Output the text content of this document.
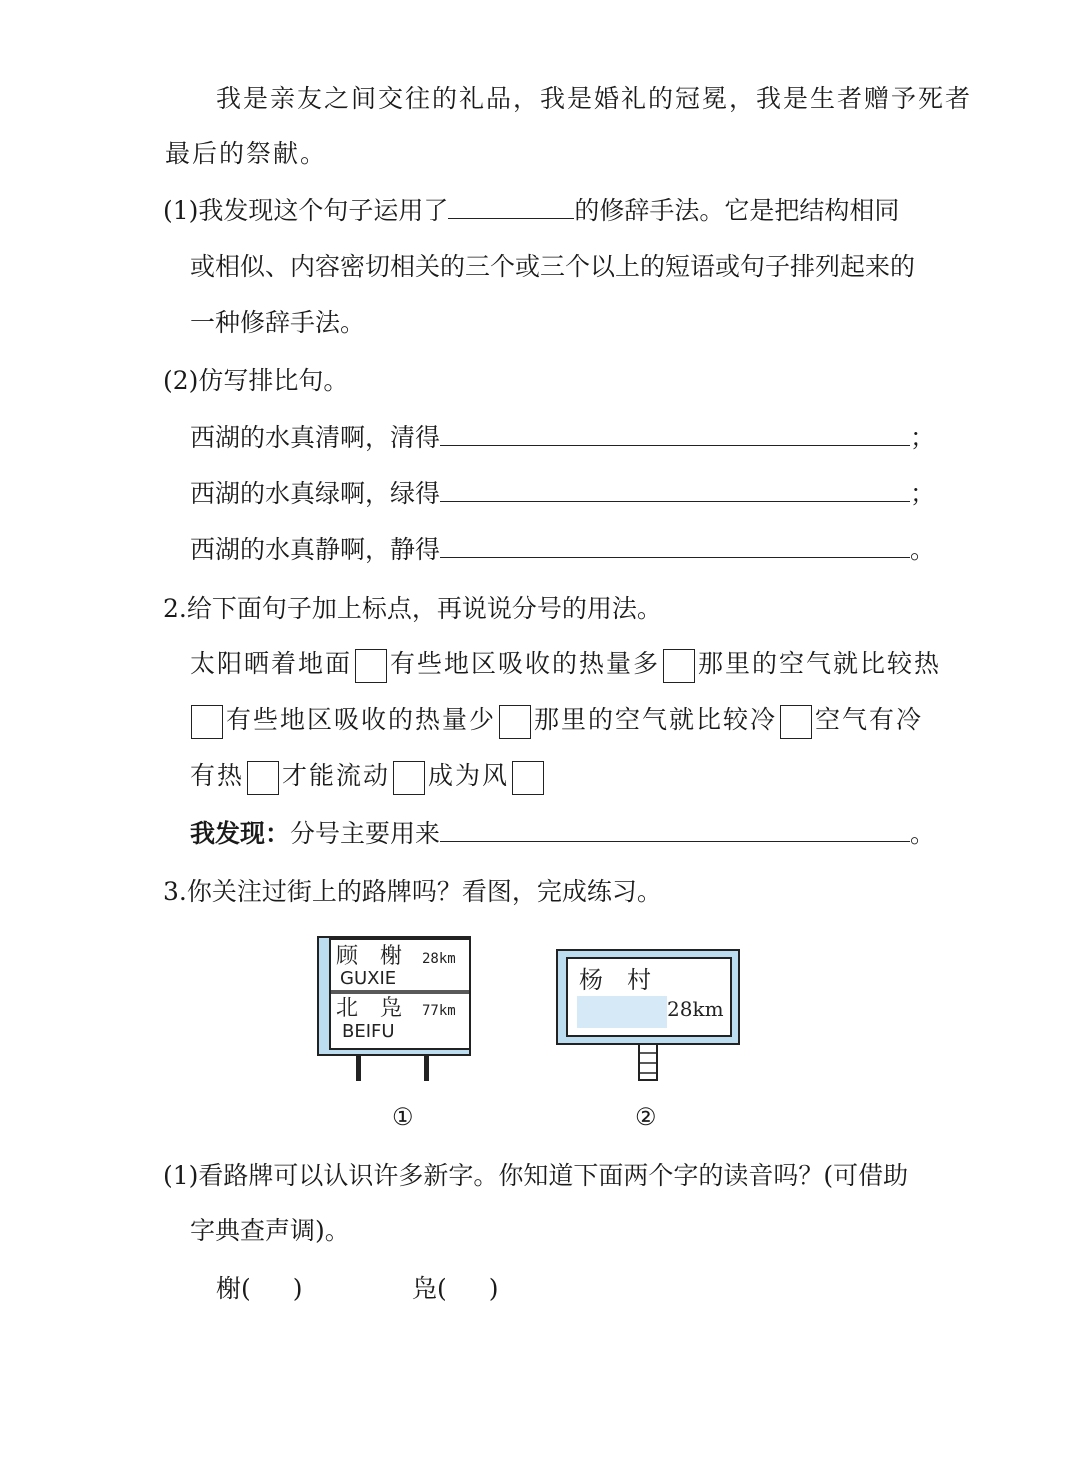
我是亲友之间交往的礼品，我是婚礼的冠冕，我是生者赠予死者
最后的祭献。
(1)我发现这个句子运用了	的修辞手法。它是把结构相同
或相似、内容密切相关的三个或三个以上的短语或句子排列起来的
一种修辞手法。
(2)仿写排比句。
西湖的水真清啊，清得	；
西湖的水真绿啊，绿得	；
西湖的水真静啊，静得	。
2.给下面句子加上标点，再说说分号的用法。
太阳晒着地面 有些地区吸收的热量多 那里的空气就比较热
有些地区吸收的热量少 那里的空气就比较冷 空气有冷
有热 才能流动 成为风
我发现：分号主要用来	。
3.你关注过街上的路牌吗？看图，完成练习。
顾　榭 28km
GUXIE
北　凫 77km
BEIFU
①
杨　村
28km
②
(1)看路牌可以认识许多新字。你知道下面两个字的读音吗？(可借助
字典查声调)。
榭( )	凫( )
